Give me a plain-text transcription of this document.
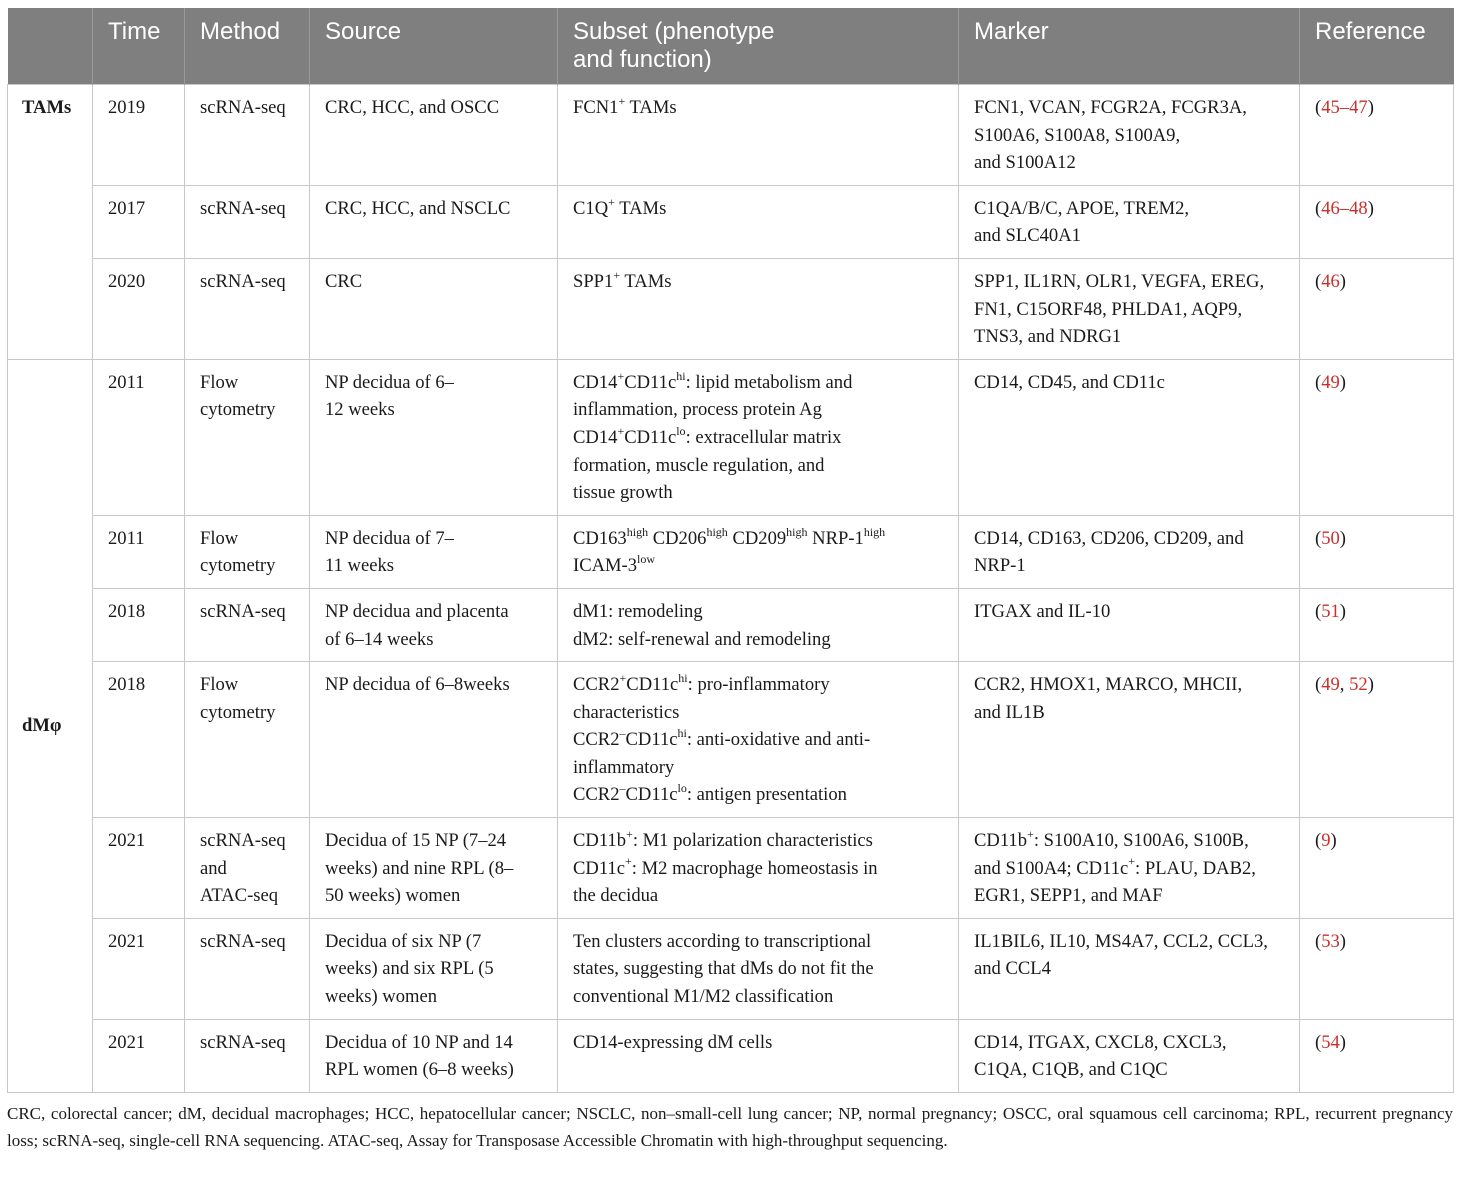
	Time	Method	Source	Subset (phenotype
and function)	Marker	Reference
TAMs	2019	scRNA-seq	CRC, HCC, and OSCC	FCN1+ TAMs	FCN1, VCAN, FCGR2A, FCGR3A,
S100A6, S100A8, S100A9,
and S100A12	(45–47)
	2017	scRNA-seq	CRC, HCC, and NSCLC	C1Q+ TAMs	C1QA/B/C, APOE, TREM2,
and SLC40A1	(46–48)
	2020	scRNA-seq	CRC	SPP1+ TAMs	SPP1, IL1RN, OLR1, VEGFA, EREG,
FN1, C15ORF48, PHLDA1, AQP9,
TNS3, and NDRG1	(46)
dMφ	2011	Flow
cytometry	NP decidua of 6–
12 weeks	$CD14^+CD11c^{hi}$: lipid metabolism and
inflammation, process protein Ag
$CD14^+CD11c^{lo}$: extracellular matrix
formation, muscle regulation, and
tissue growth	CD14, CD45, and CD11c	(49)
	2011	Flow
cytometry	NP decidua of 7–
11 weeks	$CD163^{high}$ $CD206^{high}$ $CD209^{high}$ NRP-$1^{high}$
ICAM-$3^{low}$	CD14, CD163, CD206, CD209, and
NRP-1	(50)
	2018	scRNA-seq	NP decidua and placenta
of 6–14 weeks	dM1: remodeling
dM2: self-renewal and remodeling	ITGAX and IL-10	(51)
	2018	Flow
cytometry	NP decidua of 6–8weeks	$CCR2^+CD11c^{hi}$: pro-inflammatory
characteristics
$CCR2^-CD11c^{hi}$: anti-oxidative and anti-
inflammatory
$CCR2^-CD11c^{lo}$: antigen presentation	CCR2, HMOX1, MARCO, MHCII,
and IL1B	(49, 52)
	2021	scRNA-seq
and
ATAC-seq	Decidua of 15 NP (7–24
weeks) and nine RPL (8–
50 weeks) women	CD11b+: M1 polarization characteristics
CD11c+: M2 macrophage homeostasis in
the decidua	CD11b+: S100A10, S100A6, S100B,
and S100A4; CD11c+: PLAU, DAB2,
EGR1, SEPP1, and MAF	(9)
	2021	scRNA-seq	Decidua of six NP (7
weeks) and six RPL (5
weeks) women	Ten clusters according to transcriptional
states, suggesting that dMs do not fit the
conventional M1/M2 classification	IL1BIL6, IL10, MS4A7, CCL2, CCL3,
and CCL4	(53)
	2021	scRNA-seq	Decidua of 10 NP and 14
RPL women (6–8 weeks)	CD14-expressing dM cells	CD14, ITGAX, CXCL8, CXCL3,
C1QA, C1QB, and C1QC	(54)
CRC, colorectal cancer; dM, decidual macrophages; HCC, hepatocellular cancer; NSCLC, non–small-cell lung cancer; NP, normal pregnancy; OSCC, oral squamous cell carcinoma; RPL, recurrent pregnancy loss; scRNA-seq, single-cell RNA sequencing. ATAC-seq, Assay for Transposase Accessible Chromatin with high-throughput sequencing.
